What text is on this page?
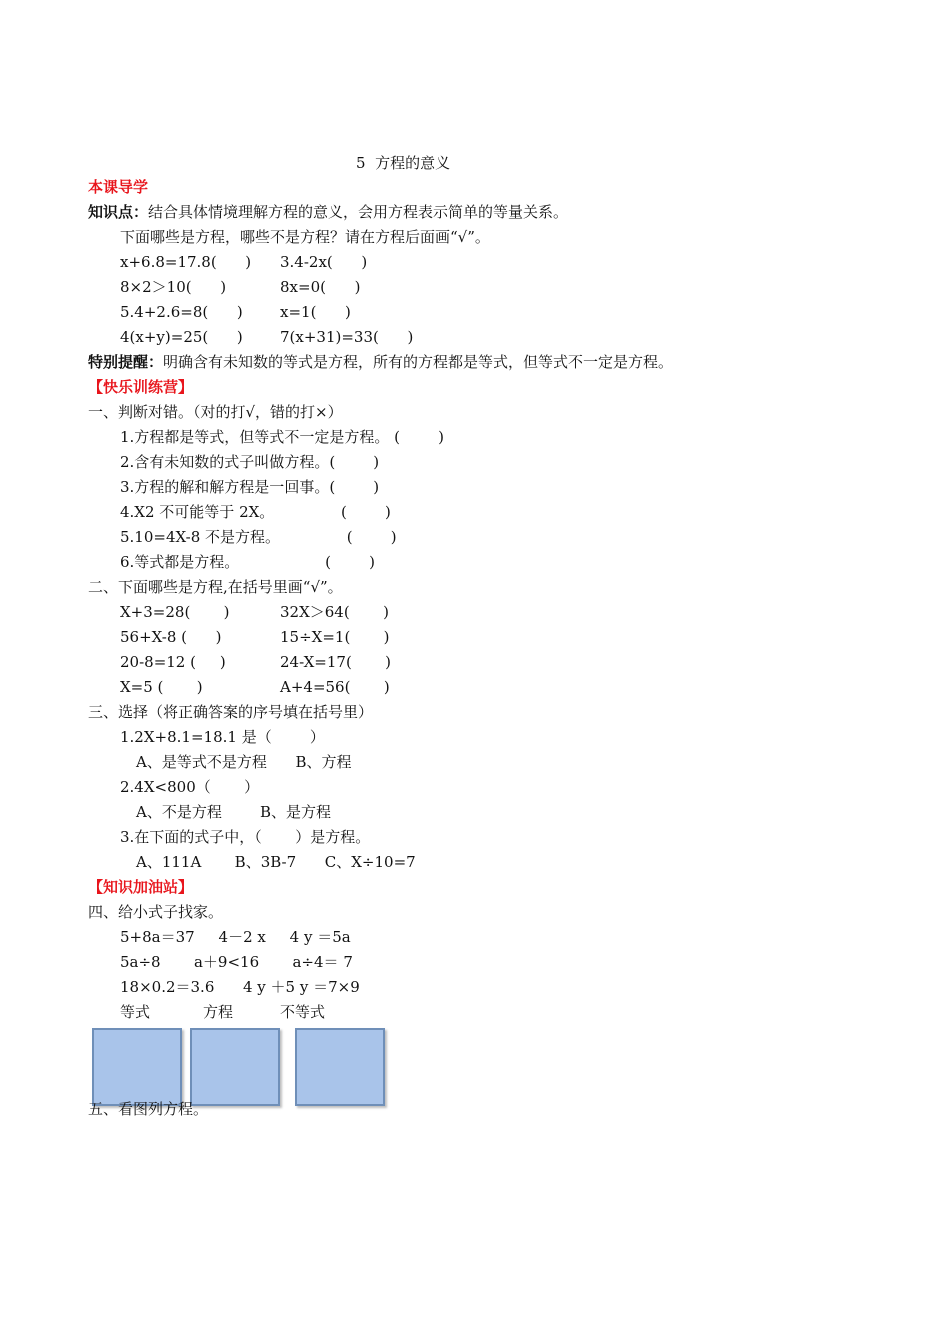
5  方程的意义
本课导学
知识点：结合具体情境理解方程的意义，会用方程表示简单的等量关系。
下面哪些是方程，哪些不是方程？请在方程后面画“√”。
x+6.8=17.8(      ) 3.4-2x(      )
8×2＞10(      )	8x=0(      )
5.4+2.6=8(      ) x=1(      )
4(x+y)=25(      ) 7(x+31)=33(      )
特别提醒：明确含有未知数的等式是方程，所有的方程都是等式，但等式不一定是方程。
【快乐训练营】
一、判断对错。（对的打√，错的打×）
1.方程都是等式，但等式不一定是方程。 (        )
2.含有未知数的式子叫做方程。(        )
3.方程的解和解方程是一回事。(        )
4.X2 不可能等于 2X。              (        )
5.10=4X-8 不是方程。              (        )
6.等式都是方程。                  (        )
二、下面哪些是方程,在括号里画“√”。
X+3=28(       )	32X＞64(       )
56+X-8 (      )	15÷X=1(       )
20-8=12 (     )	24-X=17(       )
X=5 (       )	A+4=56(       )
三、选择（将正确答案的序号填在括号里）
1.2X+8.1=18.1 是（        ）
A、是等式不是方程      B、方程
2.4X<800（       ）
A、不是方程        B、是方程
3.在下面的式子中，（       ）是方程。
A、111A       B、3B-7      C、X÷10=7
【知识加油站】
四、给小式子找家。
5+8a＝37     4－2 x     4 y ＝5a
5a÷8       a＋9<16       a÷4＝ 7
18×0.2＝3.6      4 y ＋5 y ＝7×9
等式	方程	不等式
五、看图列方程。
